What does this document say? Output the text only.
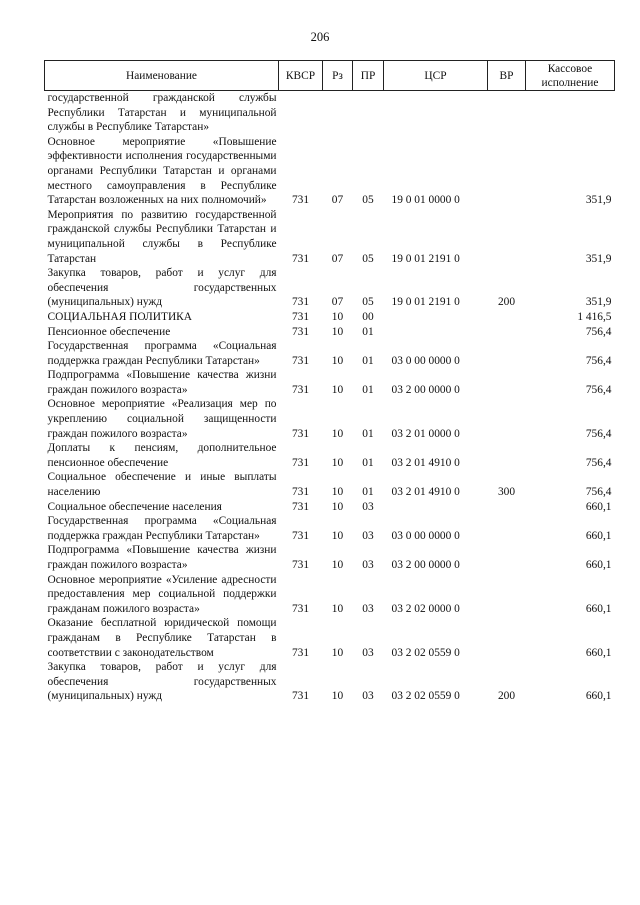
206
Наименование	КВСР	Рз	ПР	ЦСР	ВР	Кассовое исполнение
государственной гражданской службы Республики Татарстан и муниципальной службы в Республике Татарстан»						
Основное мероприятие «Повышение эффективности исполнения государственными органами Республики Татарстан и органами местного самоуправления в Республике Татарстан возложенных на них полномочий»	731	07	05	19 0 01 0000 0		351,9
Мероприятия по развитию государственной гражданской службы Республики Татарстан и муниципальной службы в Республике Татарстан	731	07	05	19 0 01 2191 0		351,9
Закупка товаров, работ и услуг для обеспечения государственных (муниципальных) нужд	731	07	05	19 0 01 2191 0	200	351,9
СОЦИАЛЬНАЯ ПОЛИТИКА	731	10	00			1 416,5
Пенсионное обеспечение	731	10	01			756,4
Государственная программа «Социальная поддержка граждан Республики Татарстан»	731	10	01	03 0 00 0000 0		756,4
Подпрограмма «Повышение качества жизни граждан пожилого возраста»	731	10	01	03 2 00 0000 0		756,4
Основное мероприятие «Реализация мер по укреплению социальной защищенности граждан пожилого возраста»	731	10	01	03 2 01 0000 0		756,4
Доплаты к пенсиям, дополнительное пенсионное обеспечение	731	10	01	03 2 01 4910 0		756,4
Социальное обеспечение и иные выплаты населению	731	10	01	03 2 01 4910 0	300	756,4
Социальное обеспечение населения	731	10	03			660,1
Государственная программа «Социальная поддержка граждан Республики Татарстан»	731	10	03	03 0 00 0000 0		660,1
Подпрограмма «Повышение качества жизни граждан пожилого возраста»	731	10	03	03 2 00 0000 0		660,1
Основное мероприятие «Усиление адресности предоставления мер социальной поддержки гражданам пожилого возраста»	731	10	03	03 2 02 0000 0		660,1
Оказание бесплатной юридической помощи гражданам в Республике Татарстан в соответствии с законодательством	731	10	03	03 2 02 0559 0		660,1
Закупка товаров, работ и услуг для обеспечения государственных (муниципальных) нужд	731	10	03	03 2 02 0559 0	200	660,1
